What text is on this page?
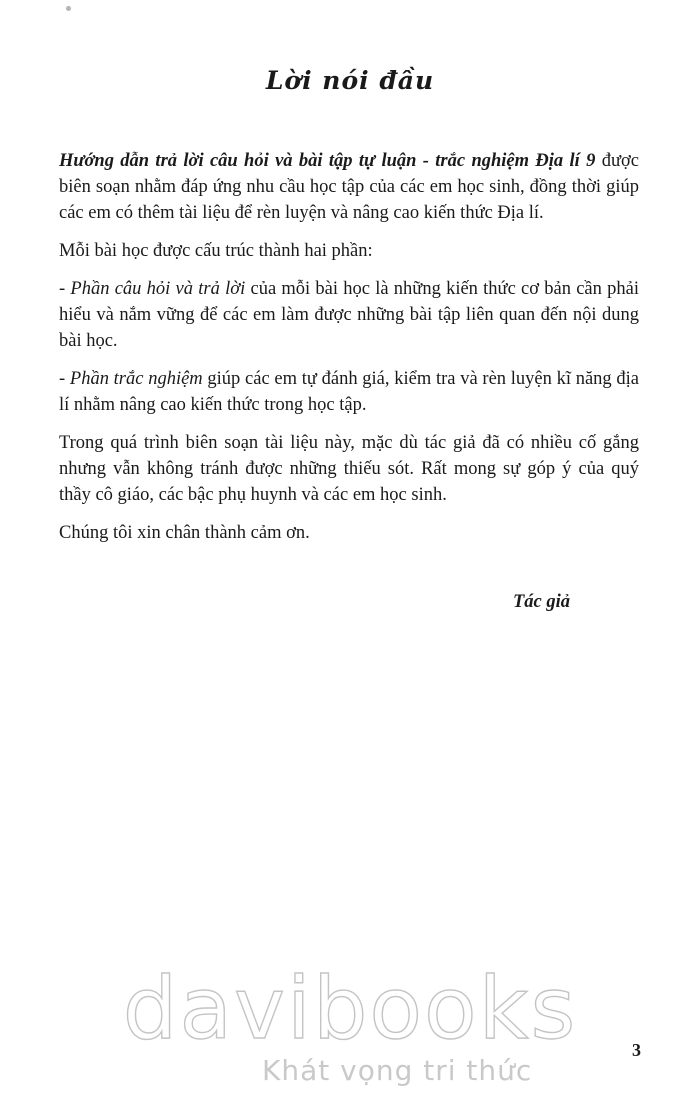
Lời nói đầu

Hướng dẫn trả lời câu hỏi và bài tập tự luận - trắc nghiệm Địa lí 9 được biên soạn nhằm đáp ứng nhu cầu học tập của các em học sinh, đồng thời giúp các em có thêm tài liệu để rèn luyện và nâng cao kiến thức Địa lí.

Mỗi bài học được cấu trúc thành hai phần:

- Phần câu hỏi và trả lời của mỗi bài học là những kiến thức cơ bản cần phải hiểu và nắm vững để các em làm được những bài tập liên quan đến nội dung bài học.

- Phần trắc nghiệm giúp các em tự đánh giá, kiểm tra và rèn luyện kĩ năng địa lí nhằm nâng cao kiến thức trong học tập.

Trong quá trình biên soạn tài liệu này, mặc dù tác giả đã có nhiều cố gắng nhưng vẫn không tránh được những thiếu sót. Rất mong sự góp ý của quý thầy cô giáo, các bậc phụ huynh và các em học sinh.

Chúng tôi xin chân thành cảm ơn.

Tác giả
davibooks
Khát vọng tri thức
3
